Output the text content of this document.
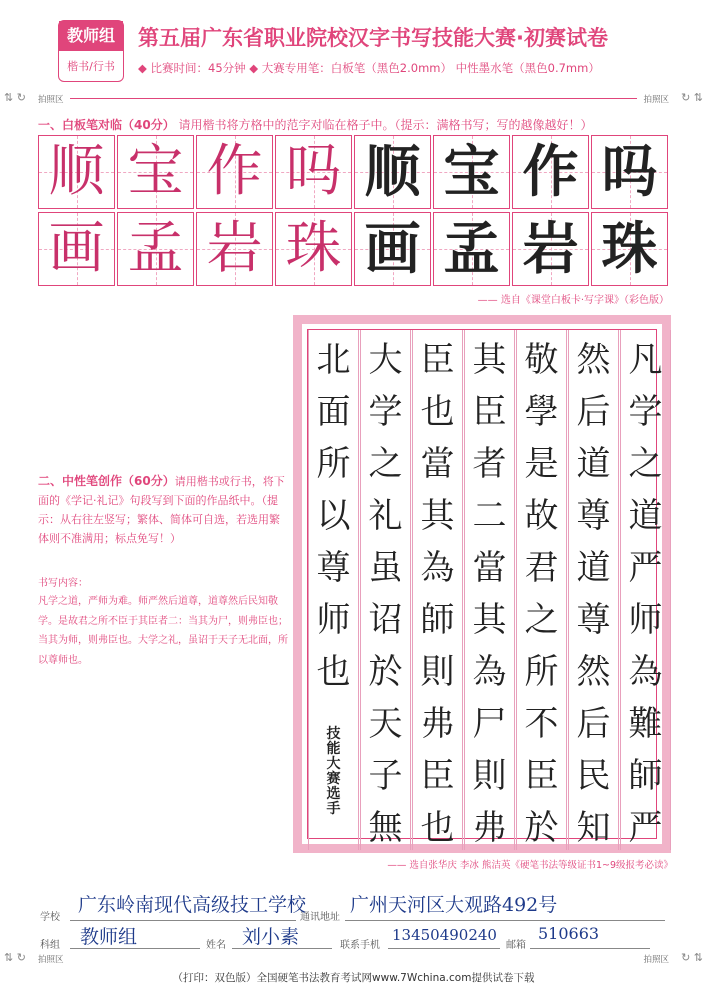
教师组
楷书/行书
第五届广东省职业院校汉字书写技能大赛·初赛试卷
◆ 比赛时间：45分钟 ◆ 大赛专用笔：白板笔（黑色2.0mm） 中性墨水笔（黑色0.7mm）
⇅ ↻ 拍照区	拍照区 ↻ ⇅
一、白板笔对临（40分） 请用楷书将方格中的范字对临在格子中。（提示：满格书写；写的越像越好！）
顺 宝 作 吗 顺 宝 作 吗
画 孟 岩 珠 画 孟 岩 珠
—— 选自《课堂白板卡·写字课》（彩色版）
二、中性笔创作（60分）请用楷书或行书，将下面的《学记·礼记》句段写到下面的作品纸中。（提示：从右往左竖写；繁体、简体可自选，若选用繁体则不准满用；标点免写！）
书写内容：
凡学之道，严师为难。师严然后道尊，道尊然后民知敬学。是故君之所不臣于其臣者二：当其为尸，则弗臣也；当其为师，则弗臣也。大学之礼，虽诏于天子无北面，所以尊师也。
北 大 臣 其 敬 然 凡
面 学 也 臣 學 后 学
所 之 當 者 是 道 之
以 礼 其 二 故 尊 道
尊 虽 為 當 君 道 严
师 诏 師 其 之 尊 师
也 於 則 為 所 然 為
技
能
大
赛
选
手
天 弗 尸 不 后 難
子 臣 則 臣 民 師
無 也 弗 於 知 严
—— 选自张华庆 李冰 熊洁英《硬笔书法等级证书1~9级报考必读》
学校
广东岭南现代高级技工学校
通讯地址
广州天河区大观路492号
科组 教师组	姓名 刘小素	联系手机
13450490240
邮箱
510663
⇅ ↻ 拍照区	拍照区 ↻ ⇅
（打印：双色版）全国硬笔书法教育考试网www.7Wchina.com提供试卷下载
